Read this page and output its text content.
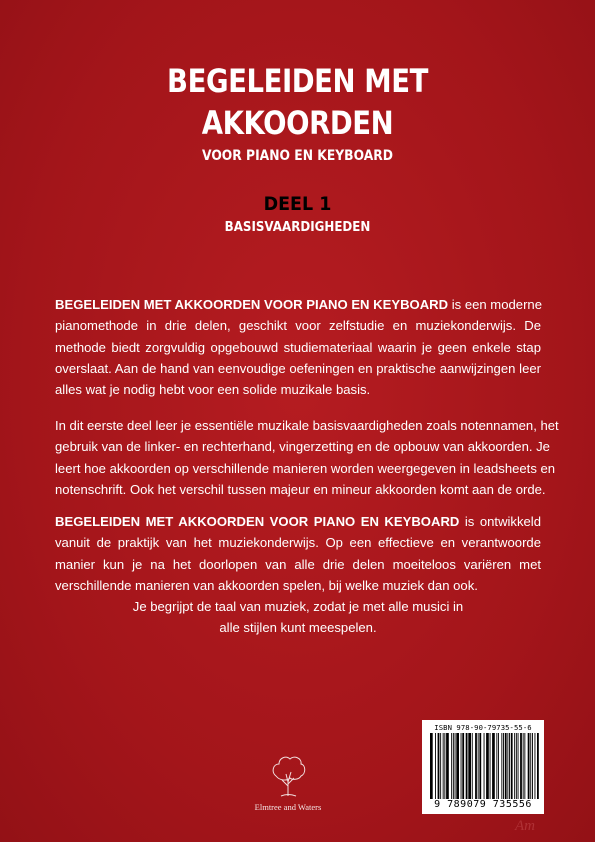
BEGELEIDEN MET
AKKOORDEN
VOOR PIANO EN KEYBOARD
DEEL 1
BASISVAARDIGHEDEN
BEGELEIDEN MET AKKOORDEN VOOR PIANO EN KEYBOARD is een moderne
pianomethode in drie delen, geschikt voor zelfstudie en muziekonderwijs. De
methode biedt zorgvuldig opgebouwd studiemateriaal waarin je geen enkele stap
overslaat. Aan de hand van eenvoudige oefeningen en praktische aanwijzingen leer
alles wat je nodig hebt voor een solide muzikale basis.
In dit eerste deel leer je essentiële muzikale basisvaardigheden zoals notennamen, het
gebruik van de linker- en rechterhand, vingerzetting en de opbouw van akkoorden. Je
leert hoe akkoorden op verschillende manieren worden weergegeven in leadsheets en
notenschrift. Ook het verschil tussen majeur en mineur akkoorden komt aan de orde.
BEGELEIDEN MET AKKOORDEN VOOR PIANO EN KEYBOARD is ontwikkeld
vanuit de praktijk van het muziekonderwijs. Op een effectieve en verantwoorde
manier kun je na het doorlopen van alle drie delen moeiteloos variëren met
verschillende manieren van akkoorden spelen, bij welke muziek dan ook.
Je begrijpt de taal van muziek, zodat je met alle musici in
alle stijlen kunt meespelen.
Elmtree and Waters
ISBN 978-90-79735-55-6
9 789079 735556
Am
